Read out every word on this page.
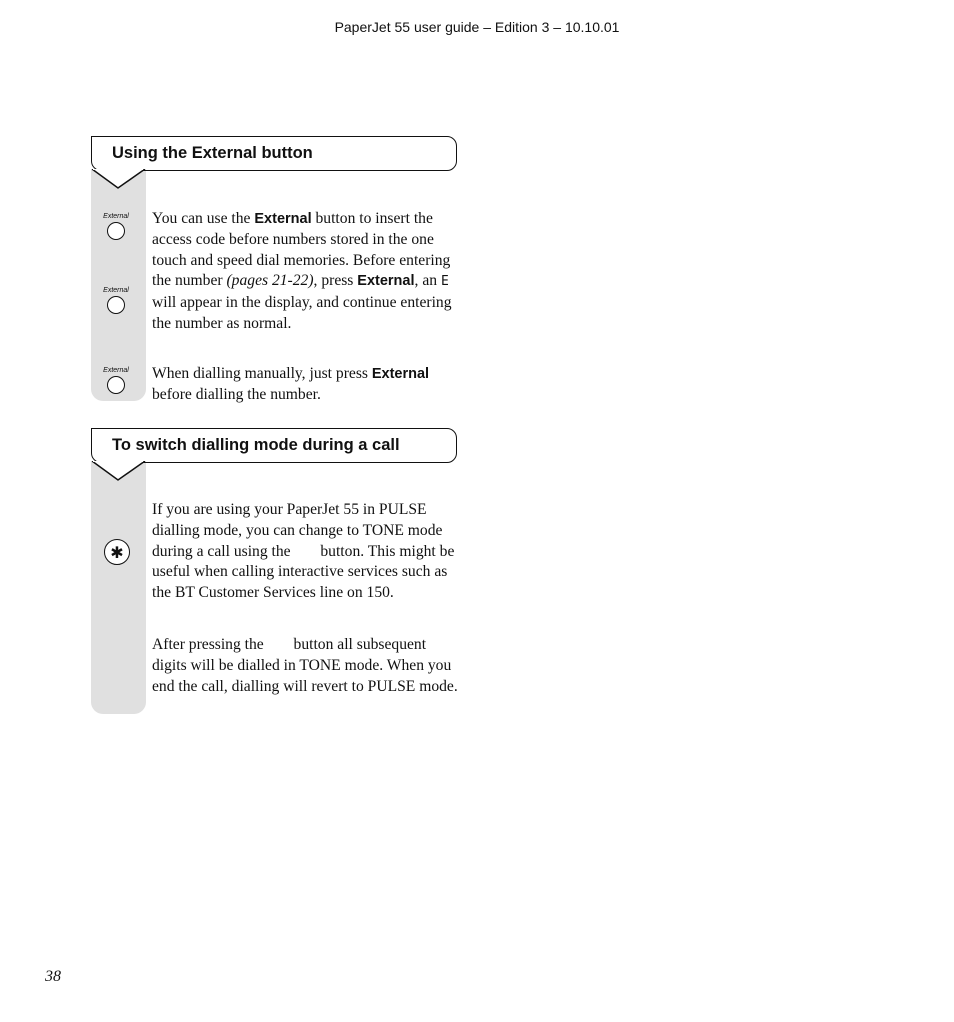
PaperJet 55 user guide – Edition 3 – 10.10.01
Using the External button
External
External
External

You can use the External button to insert the access code before numbers stored in the one touch and speed dial memories. Before entering the number (pages 21-22), press External, an E will appear in the display, and continue entering the number as normal.

When dialling manually, just press External before dialling the number.

To switch dialling mode during a call
✱

If you are using your PaperJet 55 in PULSE dialling mode, you can change to TONE mode during a call using the  button. This might be useful when calling interactive services such as the BT Customer Services line on 150.

After pressing the  button all subsequent digits will be dialled in TONE mode. When you end the call, dialling will revert to PULSE mode.

38
